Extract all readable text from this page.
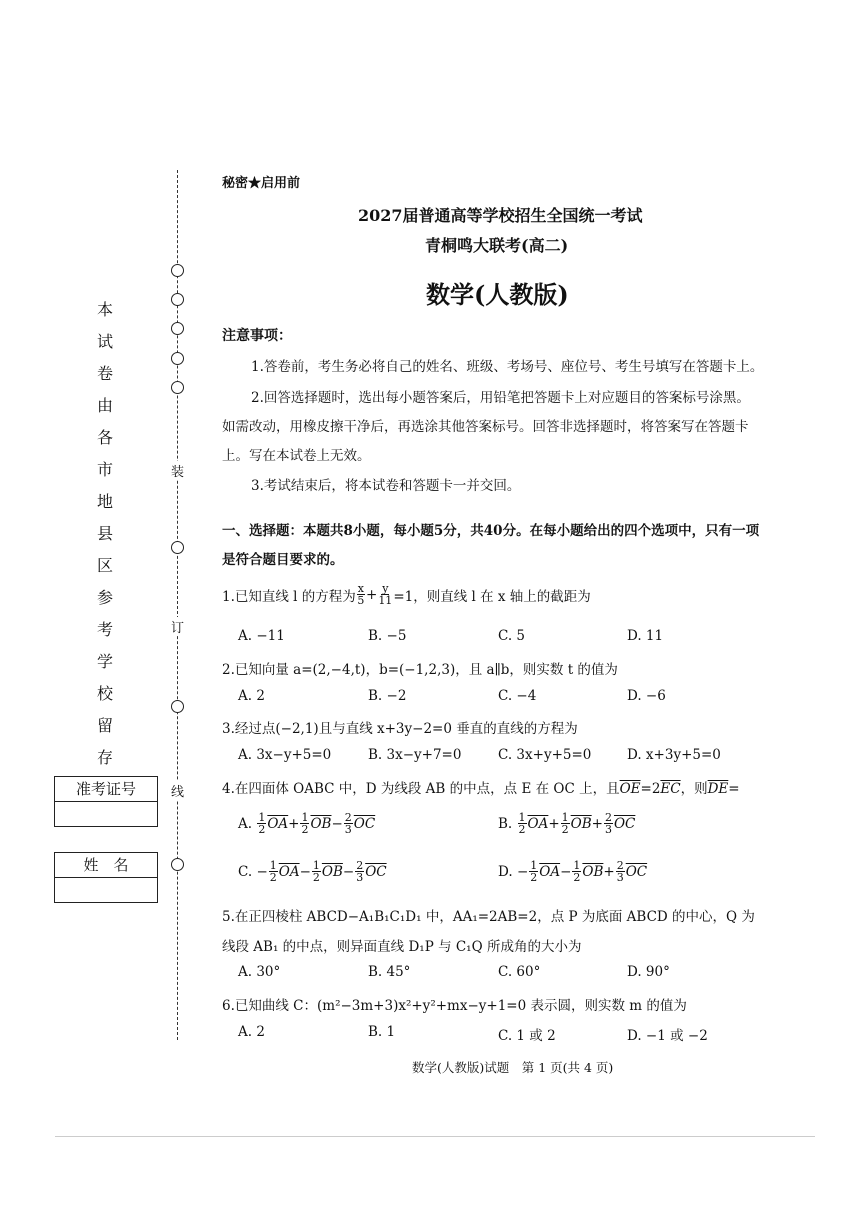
装
订
线
本
试
卷
由
各
市
地
县
区
参
考
学
校
留
存
准考证号
姓　名
秘密★启用前
2027届普通高等学校招生全国统一考试
青桐鸣大联考(高二)
数学(人教版)
注意事项：
1.答卷前，考生务必将自己的姓名、班级、考场号、座位号、考生号填写在答题卡上。
2.回答选择题时，选出每小题答案后，用铅笔把答题卡上对应题目的答案标号涂黑。
如需改动，用橡皮擦干净后，再选涂其他答案标号。回答非选择题时，将答案写在答题卡
上。写在本试卷上无效。
3.考试结束后，将本试卷和答题卡一并交回。
一、选择题：本题共8小题，每小题5分，共40分。在每小题给出的四个选项中，只有一项
是符合题目要求的。
1.已知直线 l 的方程为 $\frac{x}{5} + \frac{y}{11} =1$，则直线 l 在 x 轴上的截距为
A. −11	B. −5	C. 5	D. 11
2.已知向量 a=(2,−4,t)，b=(−1,2,3)，且 a∥b，则实数 t 的值为
A. 2	B. −2	C. −4	D. −6
3.经过点(−2,1)且与直线 x+3y−2=0 垂直的直线的方程为
A. 3x−y+5=0	B. 3x−y+7=0	C. 3x+y+5=0	D. x+3y+5=0
4.在四面体 OABC 中，D 为线段 AB 的中点，点 E 在 OC 上，且$\overline{OE}=2\overline{EC}$，则$\overline{DE}=$
A.
$\frac{1}{2} \overline{OA} + \frac{1}{2} \overline{OB} - \frac{2}{3} \overline{OC}$	B.
$\frac{1}{2} \overline{OA} + \frac{1}{2} \overline{OB} + \frac{2}{3} \overline{OC}$
C.
− $\frac{1}{2} \overline{OA} - \frac{1}{2} \overline{OB} - \frac{2}{3} \overline{OC}$	D.
− $\frac{1}{2} \overline{OA} - \frac{1}{2} \overline{OB} + \frac{2}{3} \overline{OC}$
5.在正四棱柱 ABCD−A₁B₁C₁D₁ 中，AA₁=2AB=2，点 P 为底面 ABCD 的中心，Q 为
线段 AB₁ 的中点，则异面直线 D₁P 与 C₁Q 所成角的大小为
A. 30°	B. 45°	C. 60°	D. 90°
6.已知曲线 C：(m²−3m+3)x²+y²+mx−y+1=0 表示圆，则实数 m 的值为
A. 2	B. 1	C. 1 或 2	D. −1 或 −2
数学(人教版)试题　第 1 页(共 4 页)
